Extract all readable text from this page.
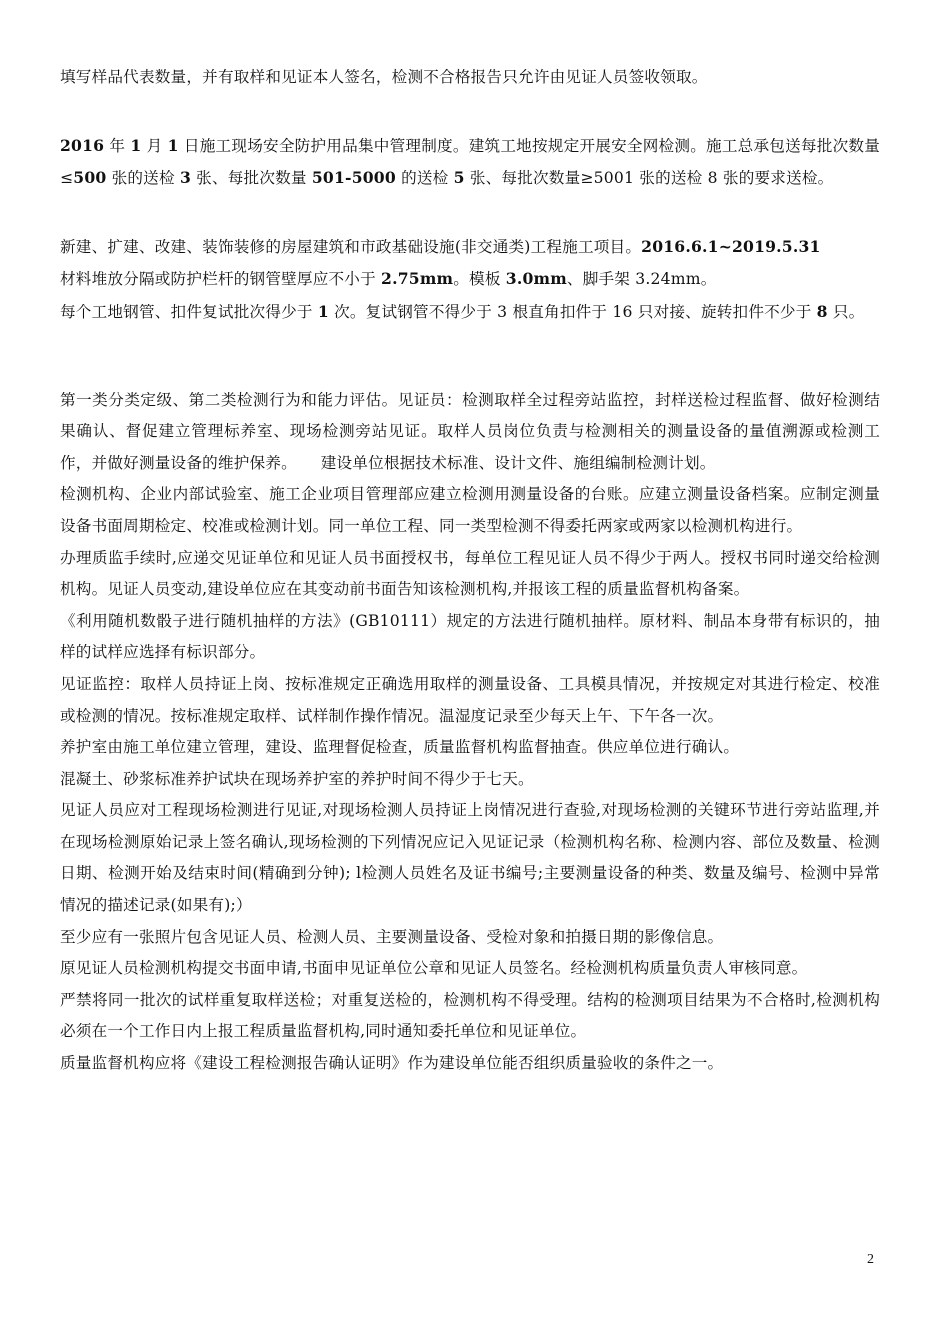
填写样品代表数量，并有取样和见证本人签名，检测不合格报告只允许由见证人员签收领取。

2016 年 1 月 1 日施工现场安全防护用品集中管理制度。建筑工地按规定开展安全网检测。施工总承包送每批次数量≤500 张的送检 3 张、每批次数量 501-5000 的送检 5 张、每批次数量≥5001 张的送检 8 张的要求送检。

新建、扩建、改建、装饰装修的房屋建筑和市政基础设施(非交通类)工程施工项目。2016.6.1~2019.5.31

材料堆放分隔或防护栏杆的钢管壁厚应不小于 2.75mm。模板 3.0mm、脚手架 3.24mm。

每个工地钢管、扣件复试批次得少于 1 次。复试钢管不得少于 3 根直角扣件于 16 只对接、旋转扣件不少于 8 只。

第一类分类定级、第二类检测行为和能力评估。见证员：检测取样全过程旁站监控，封样送检过程监督、做好检测结果确认、督促建立管理标养室、现场检测旁站见证。取样人员岗位负责与检测相关的测量设备的量值溯源或检测工作，并做好测量设备的维护保养。　　建设单位根据技术标准、设计文件、施组编制检测计划。

检测机构、企业内部试验室、施工企业项目管理部应建立检测用测量设备的台账。应建立测量设备档案。应制定测量设备书面周期检定、校准或检测计划。同一单位工程、同一类型检测不得委托两家或两家以检测机构进行。

办理质监手续时,应递交见证单位和见证人员书面授权书，每单位工程见证人员不得少于两人。授权书同时递交给检测机构。见证人员变动,建设单位应在其变动前书面告知该检测机构,并报该工程的质量监督机构备案。

《利用随机数骰子进行随机抽样的方法》(GB10111）规定的方法进行随机抽样。原材料、制品本身带有标识的，抽样的试样应选择有标识部分。

见证监控：取样人员持证上岗、按标准规定正确选用取样的测量设备、工具模具情况，并按规定对其进行检定、校准或检测的情况。按标准规定取样、试样制作操作情况。温湿度记录至少每天上午、下午各一次。

养护室由施工单位建立管理，建设、监理督促检查，质量监督机构监督抽查。供应单位进行确认。

混凝土、砂浆标准养护试块在现场养护室的养护时间不得少于七天。

见证人员应对工程现场检测进行见证,对现场检测人员持证上岗情况进行查验,对现场检测的关键环节进行旁站监理,并在现场检测原始记录上签名确认,现场检测的下列情况应记入见证记录（检测机构名称、检测内容、部位及数量、检测日期、检测开始及结束时间(精确到分钟); l检测人员姓名及证书编号;主要测量设备的种类、数量及编号、检测中异常情况的描述记录(如果有);）

至少应有一张照片包含见证人员、检测人员、主要测量设备、受检对象和拍摄日期的影像信息。

原见证人员检测机构提交书面申请,书面申见证单位公章和见证人员签名。经检测机构质量负责人审核同意。

严禁将同一批次的试样重复取样送检；对重复送检的，检测机构不得受理。结构的检测项目结果为不合格时,检测机构必须在一个工作日内上报工程质量监督机构,同时通知委托单位和见证单位。

质量监督机构应将《建设工程检测报告确认证明》作为建设单位能否组织质量验收的条件之一。

2
